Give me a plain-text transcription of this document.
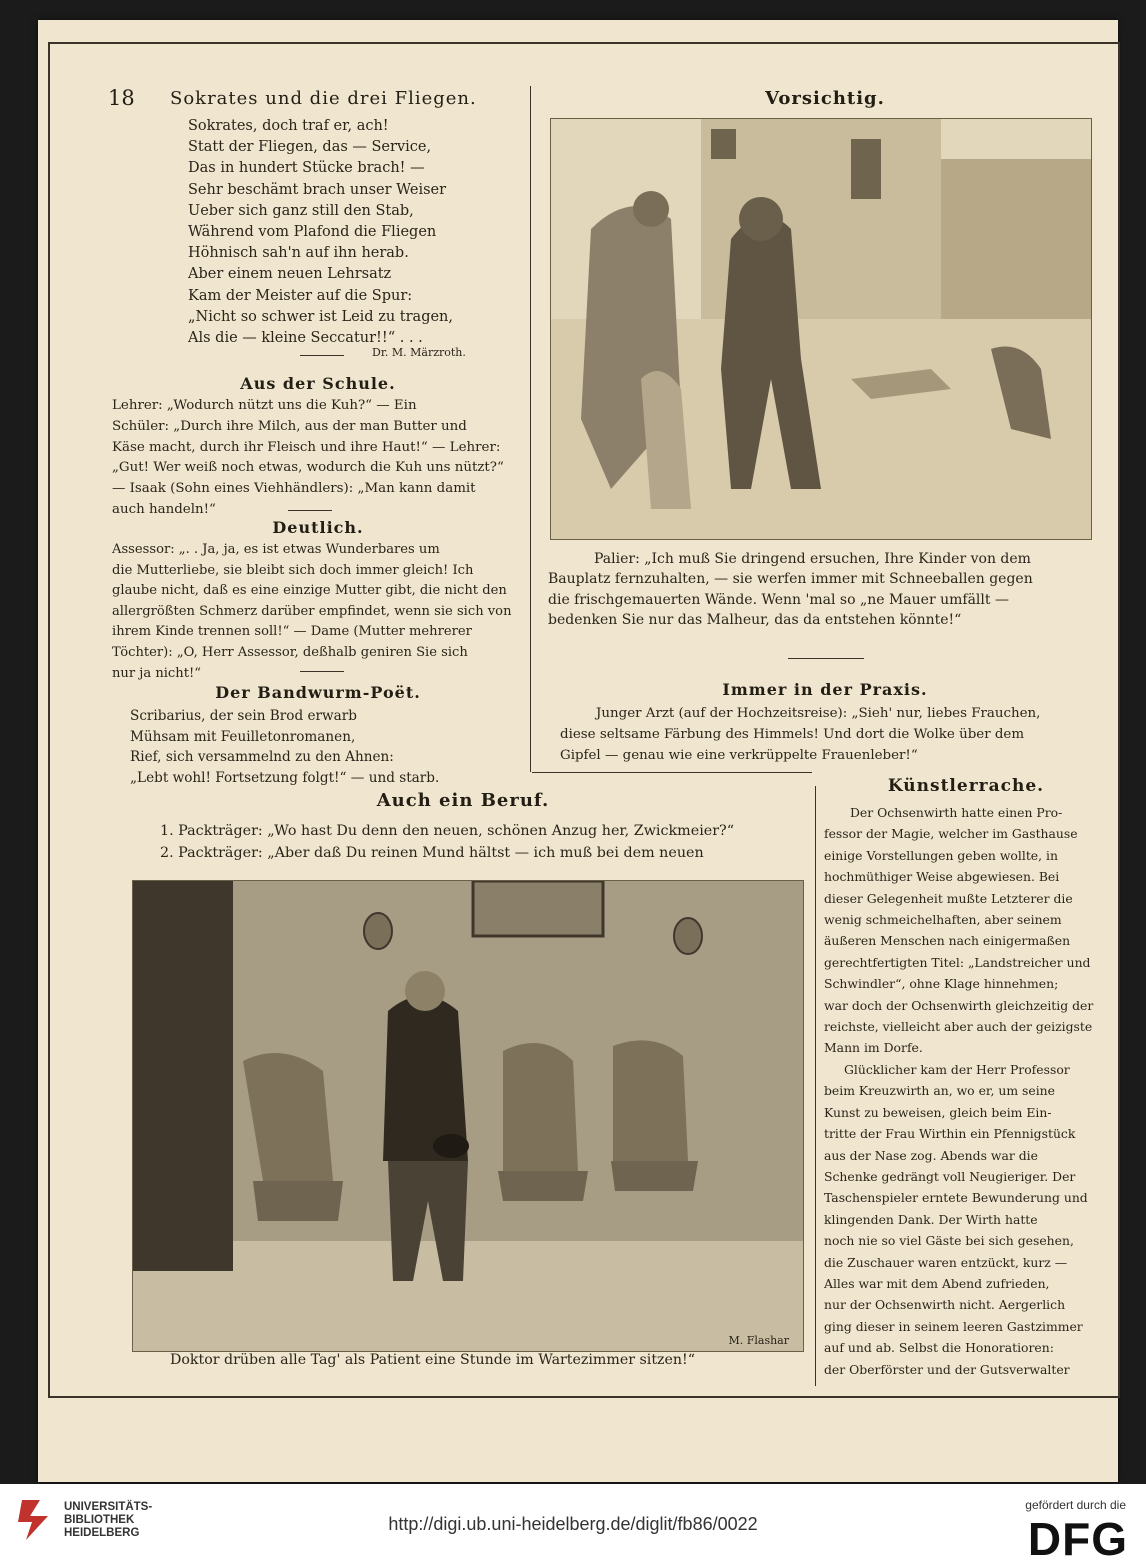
18 Sokrates und die drei Fliegen.
Sokrates, doch traf er, ach!
Statt der Fliegen, das — Service,
Das in hundert Stücke brach! —
Sehr beschämt brach unser Weiser
Ueber sich ganz still den Stab,
Während vom Plafond die Fliegen
Höhnisch sah'n auf ihn herab.
Aber einem neuen Lehrsatz
Kam der Meister auf die Spur:
„Nicht so schwer ist Leid zu tragen,
Als die — kleine Seccatur!!“ . . .
Dr. M. Märzroth.
Aus der Schule.
Lehrer: „Wodurch nützt uns die Kuh?“ — Ein
Schüler: „Durch ihre Milch, aus der man Butter und
Käse macht, durch ihr Fleisch und ihre Haut!“ — Lehrer:
„Gut! Wer weiß noch etwas, wodurch die Kuh uns nützt?“
— Isaak (Sohn eines Viehhändlers): „Man kann damit
auch handeln!“
Deutlich.
Assessor: „. . Ja, ja, es ist etwas Wunderbares um
die Mutterliebe, sie bleibt sich doch immer gleich! Ich
glaube nicht, daß es eine einzige Mutter gibt, die nicht den
allergrößten Schmerz darüber empfindet, wenn sie sich von
ihrem Kinde trennen soll!“ — Dame (Mutter mehrerer
Töchter): „O, Herr Assessor, deßhalb geniren Sie sich
nur ja nicht!“
Der Bandwurm-Poët.
Scribarius, der sein Brod erwarb
Mühsam mit Feuilletonromanen,
Rief, sich versammelnd zu den Ahnen:
„Lebt wohl! Fortsetzung folgt!“ — und starb.
Vorsichtig.
Palier: „Ich muß Sie dringend ersuchen, Ihre Kinder von dem
Bauplatz fernzuhalten, — sie werfen immer mit Schneeballen gegen
die frischgemauerten Wände. Wenn 'mal so „ne Mauer umfällt —
bedenken Sie nur das Malheur, das da entstehen könnte!“
Immer in der Praxis.
Junger Arzt (auf der Hochzeitsreise): „Sieh' nur, liebes Frauchen,
diese seltsame Färbung des Himmels! Und dort die Wolke über dem
Gipfel — genau wie eine verkrüppelte Frauenleber!“
Auch ein Beruf.
1. Packträger: „Wo hast Du denn den neuen, schönen Anzug her, Zwickmeier?“
2. Packträger: „Aber daß Du reinen Mund hältst — ich muß bei dem neuen
M. Flashar
Doktor drüben alle Tag' als Patient eine Stunde im Wartezimmer sitzen!“
Künstlerrache.
Der Ochsenwirth hatte einen Pro-
fessor der Magie, welcher im Gasthause
einige Vorstellungen geben wollte, in
hochmüthiger Weise abgewiesen. Bei
dieser Gelegenheit mußte Letzterer die
wenig schmeichelhaften, aber seinem
äußeren Menschen nach einigermaßen
gerechtfertigten Titel: „Landstreicher und
Schwindler“, ohne Klage hinnehmen;
war doch der Ochsenwirth gleichzeitig der
reichste, vielleicht aber auch der geizigste
Mann im Dorfe.
Glücklicher kam der Herr Professor
beim Kreuzwirth an, wo er, um seine
Kunst zu beweisen, gleich beim Ein-
tritte der Frau Wirthin ein Pfennigstück
aus der Nase zog. Abends war die
Schenke gedrängt voll Neugieriger. Der
Taschenspieler erntete Bewunderung und
klingenden Dank. Der Wirth hatte
noch nie so viel Gäste bei sich gesehen,
die Zuschauer waren entzückt, kurz —
Alles war mit dem Abend zufrieden,
nur der Ochsenwirth nicht. Aergerlich
ging dieser in seinem leeren Gastzimmer
auf und ab. Selbst die Honoratioren:
der Oberförster und der Gutsverwalter
UNIVERSITÄTS-
BIBLIOTHEK
HEIDELBERG	http://digi.ub.uni-heidelberg.de/diglit/fb86/0022
gefördert durch die
DFG
